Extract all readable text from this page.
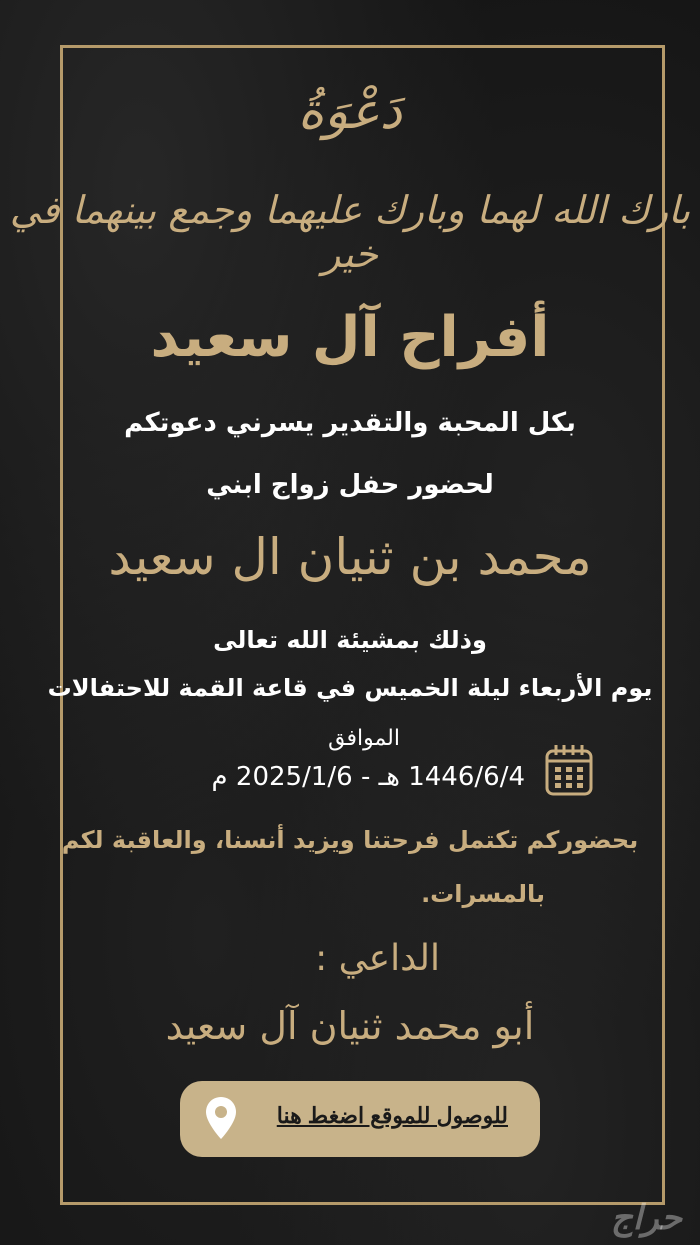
دَعْوَةُ

بارك الله لهما وبارك عليهما وجمع بينهما في خير

أفراح آل سعيد

بكل المحبة والتقدير يسرني دعوتكم

لحضور حفل زواج ابني

محمد بن ثنيان ال سعيد

وذلك بمشيئة الله تعالى

يوم الأربعاء ليلة الخميس في قاعة القمة للاحتفالات

الموافق

1446/6/4 هـ - 2025/1/6 م

بحضوركم تكتمل فرحتنا ويزيد أنسنا، والعاقبة لكم

بالمسرات.

الداعي :

أبو محمد ثنيان آل سعيد

للوصول للموقع اضغط هنا
حراج
